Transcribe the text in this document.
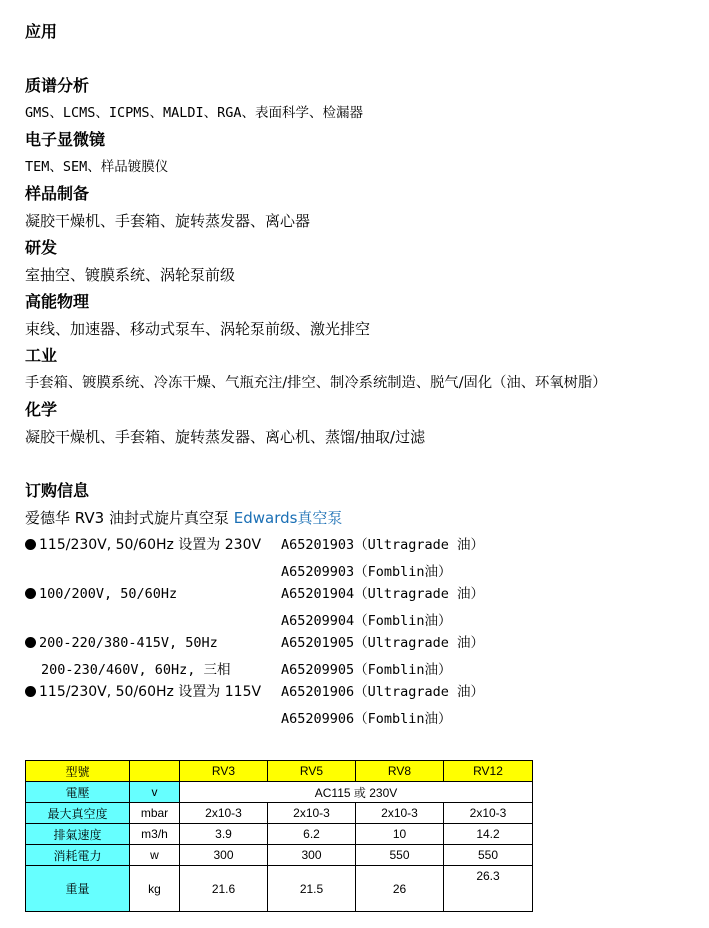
应用
质谱分析
GMS、LCMS、ICPMS、MALDI、RGA、表面科学、检漏器
电子显微镜
TEM、SEM、样品镀膜仪
样品制备
凝胶干燥机、手套箱、旋转蒸发器、离心器
研发
室抽空、镀膜系统、涡轮泵前级
高能物理
束线、加速器、移动式泵车、涡轮泵前级、激光排空
工业
手套箱、镀膜系统、冷冻干燥、气瓶充注/排空、制冷系统制造、脱气/固化（油、环氧树脂）
化学
凝胶干燥机、手套箱、旋转蒸发器、离心机、蒸馏/抽取/过滤
订购信息
爱德华 RV3 油封式旋片真空泵 Edwards真空泵
115/230V, 50/60Hz 设置为 230V A65201903（Ultragrade 油）
A65209903（Fomblin油）
100/200V, 50/60Hz	A65201904（Ultragrade 油）
A65209904（Fomblin油）
200-220/380-415V, 50Hz	A65201905（Ultragrade 油）
200-230/460V, 60Hz, 三相	A65209905（Fomblin油）
115/230V, 50/60Hz 设置为 115V A65201906（Ultragrade 油）
A65209906（Fomblin油）
型號		RV3	RV5	RV8	RV12
電壓	v	AC115 或 230V			
最大真空度	mbar	2x10-3	2x10-3	2x10-3	2x10-3
排氣速度	m3/h	3.9	6.2	10	14.2
消耗電力	w	300	300	550	550
重量	kg	21.6	21.5	26	26.3
